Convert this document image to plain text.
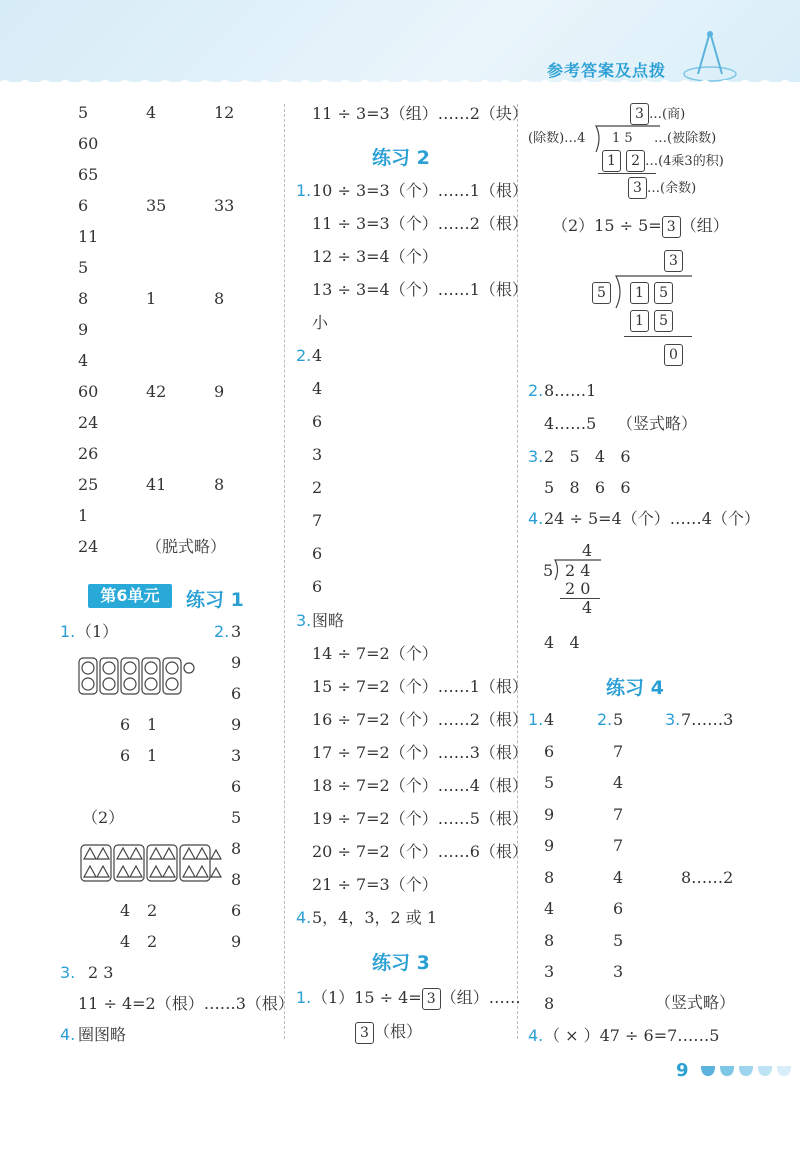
参考答案及点拨
5	4	12
60
65
6	35	33
11
5
8	1	8
9
4
60	42	9
24
26
25	41	8
1
24	（脱式略）
第6单元	练习 1
1. （1）
6 1
6 1
（2）
4 2
4 2
2. 3
9
6
9
3
6
5
8
8
6
9
3. 2 3
11 ÷ 4=2（根）……3（根）
4. 圈图略
11 ÷ 3=3（组）……2（块）
练习 2
1. 10 ÷ 3=3（个）……1（根）
11 ÷ 3=3（个）……2（根）
12 ÷ 3=4（个）
13 ÷ 3=4（个）……1（根）
小
2. 4
4
6
3
2
7
6
6
3. 图略
14 ÷ 7=2（个）
15 ÷ 7=2（个）……1（根）
16 ÷ 7=2（个）……2（根）
17 ÷ 7=2（个）……3（根）
18 ÷ 7=2（个）……4（根）
19 ÷ 7=2（个）……5（根）
20 ÷ 7=2（个）……6（根）
21 ÷ 7=3（个）
4. 5，4，3，2 或 1
练习 3
1. （1）15 ÷ 4= 3 （组）……
3 （根）
3 …(商)
(除数)…4 1 5 …(被除数)
1 2 …(4乘3的积)
3 …(余数)
（2）15 ÷ 5= 3 （组）
3
5	1 5
1 5
0
2. 8……1
4……5 （竖式略）
3. 2   5   4   6
5   8   6   6
4. 24 ÷ 5=4（个）……4（个）
4
5 2 4
2 0
4
4   4
练习 4
1.	2.	3. 7……3
4
6
5
9
9
8
4
8
3
8
5
7
4
7
7
4
6
5
3
8……2
（竖式略）
4. （ × ）47 ÷ 6=7……5
9
